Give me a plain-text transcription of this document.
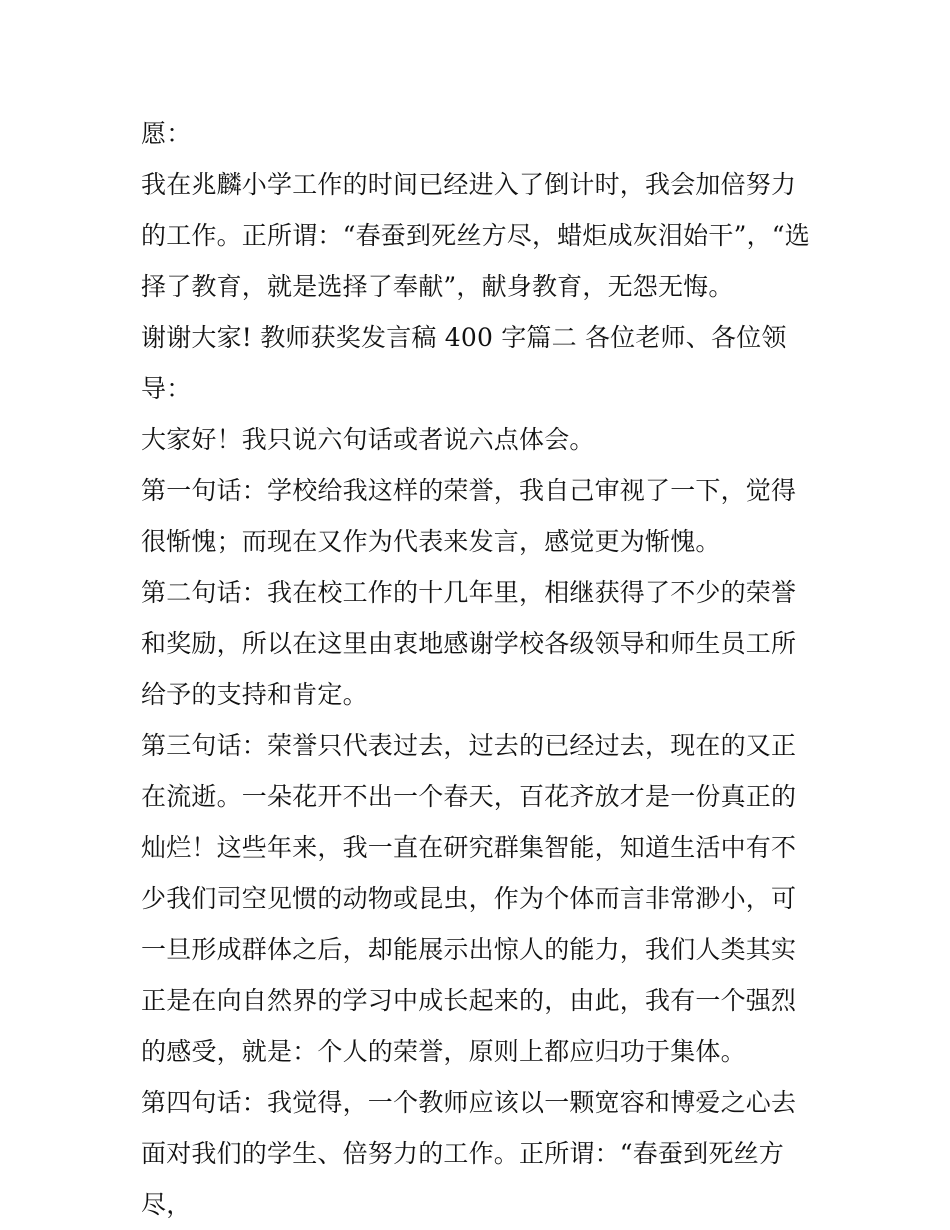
愿：

我在兆麟小学工作的时间已经进入了倒计时，我会加倍努力的工作。正所谓：“春蚕到死丝方尽，蜡炬成灰泪始干”，“选择了教育，就是选择了奉献”，献身教育，无怨无悔。

谢谢大家! 教师获奖发言稿 400 字篇二 各位老师、各位领导：

大家好！我只说六句话或者说六点体会。

第一句话：学校给我这样的荣誉，我自己审视了一下，觉得很惭愧；而现在又作为代表来发言，感觉更为惭愧。

第二句话：我在校工作的十几年里，相继获得了不少的荣誉和奖励，所以在这里由衷地感谢学校各级领导和师生员工所给予的支持和肯定。

第三句话：荣誉只代表过去，过去的已经过去，现在的又正在流逝。一朵花开不出一个春天，百花齐放才是一份真正的灿烂！这些年来，我一直在研究群集智能，知道生活中有不少我们司空见惯的动物或昆虫，作为个体而言非常渺小，可一旦形成群体之后，却能展示出惊人的能力，我们人类其实正是在向自然界的学习中成长起来的，由此，我有一个强烈的感受，就是：个人的荣誉，原则上都应归功于集体。

第四句话：我觉得，一个教师应该以一颗宽容和博爱之心去面对我们的学生、倍努力的工作。正所谓：“春蚕到死丝方尽，
